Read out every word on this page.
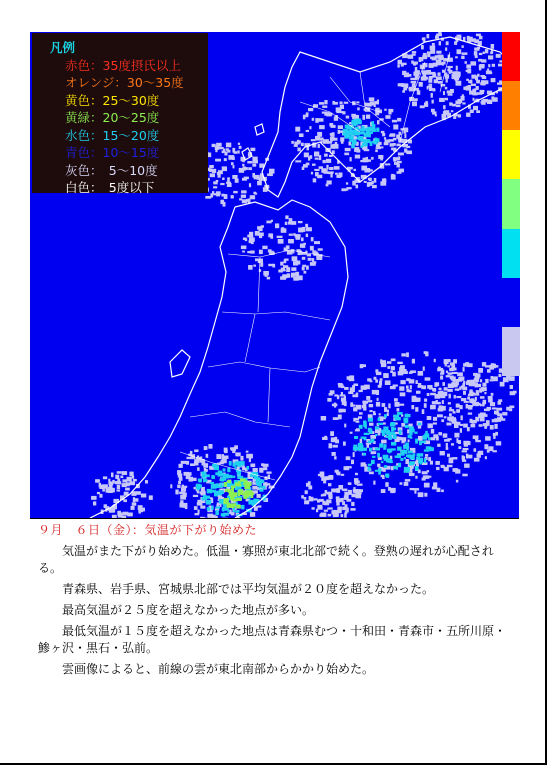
凡例
赤色：35度摂氏以上
オレンジ：30～35度
黄色：25～30度
黄緑：20～25度
水色：15～20度
青色：10～15度
灰色：　5～10度
白色：　5度以下
９月　６日（金）：気温が下がり始めた
気温がまた下がり始めた。低温・寡照が東北北部で続く。登熟の遅れが心配される。
青森県、岩手県、宮城県北部では平均気温が２０度を超えなかった。
最高気温が２５度を超えなかった地点が多い。
最低気温が１５度を超えなかった地点は青森県むつ・十和田・青森市・五所川原・鯵ヶ沢・黒石・弘前。
雲画像によると、前線の雲が東北南部からかかり始めた。
